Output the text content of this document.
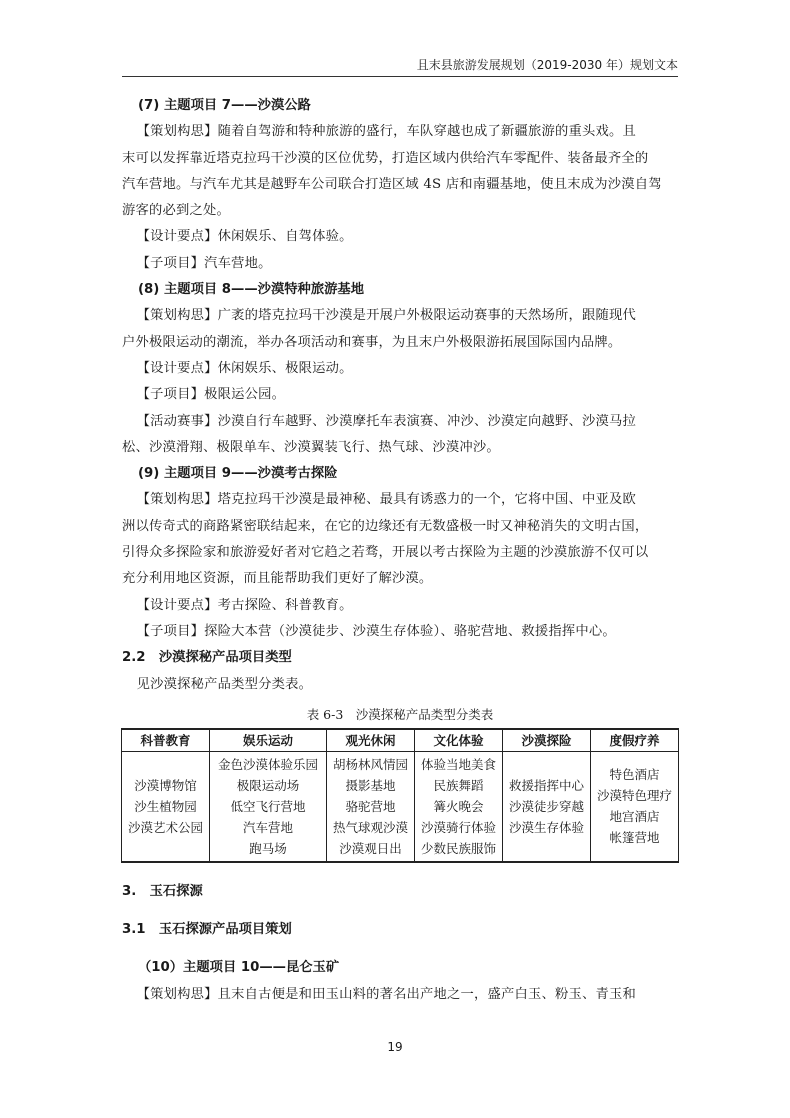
且末县旅游发展规划（2019-2030 年）规划文本

(7) 主题项目 7——沙漠公路

【策划构思】随着自驾游和特种旅游的盛行，车队穿越也成了新疆旅游的重头戏。且

末可以发挥靠近塔克拉玛干沙漠的区位优势，打造区域内供给汽车零配件、装备最齐全的

汽车营地。与汽车尤其是越野车公司联合打造区域 4S 店和南疆基地，使且末成为沙漠自驾

游客的必到之处。

【设计要点】休闲娱乐、自驾体验。

【子项目】汽车营地。

(8) 主题项目 8——沙漠特种旅游基地

【策划构思】广袤的塔克拉玛干沙漠是开展户外极限运动赛事的天然场所，跟随现代

户外极限运动的潮流，举办各项活动和赛事，为且末户外极限游拓展国际国内品牌。

【设计要点】休闲娱乐、极限运动。

【子项目】极限运公园。

【活动赛事】沙漠自行车越野、沙漠摩托车表演赛、冲沙、沙漠定向越野、沙漠马拉

松、沙漠滑翔、极限单车、沙漠翼装飞行、热气球、沙漠冲沙。

(9) 主题项目 9——沙漠考古探险

【策划构思】塔克拉玛干沙漠是最神秘、最具有诱惑力的一个，它将中国、中亚及欧

洲以传奇式的商路紧密联结起来，在它的边缘还有无数盛极一时又神秘消失的文明古国，

引得众多探险家和旅游爱好者对它趋之若骛，开展以考古探险为主题的沙漠旅游不仅可以

充分利用地区资源，而且能帮助我们更好了解沙漠。

【设计要点】考古探险、科普教育。

【子项目】探险大本营（沙漠徒步、沙漠生存体验）、骆驼营地、救援指挥中心。

2.2　沙漠探秘产品项目类型

见沙漠探秘产品类型分类表。

表 6-3　沙漠探秘产品类型分类表

科普教育	娱乐运动	观光休闲	文化体验	沙漠探险	度假疗养

沙漠博物馆
沙生植物园
沙漠艺术公园	金色沙漠体验乐园
极限运动场
低空飞行营地
汽车营地
跑马场	胡杨林风情园
摄影基地
骆驼营地
热气球观沙漠
沙漠观日出	体验当地美食
民族舞蹈
篝火晚会
沙漠骑行体验
少数民族服饰	救援指挥中心
沙漠徒步穿越
沙漠生存体验	特色酒店
沙漠特色理疗
地宫酒店
帐篷营地

3.　玉石探源

3.1　玉石探源产品项目策划

（10）主题项目 10——昆仑玉矿

【策划构思】且末自古便是和田玉山料的著名出产地之一，盛产白玉、粉玉、青玉和

19
